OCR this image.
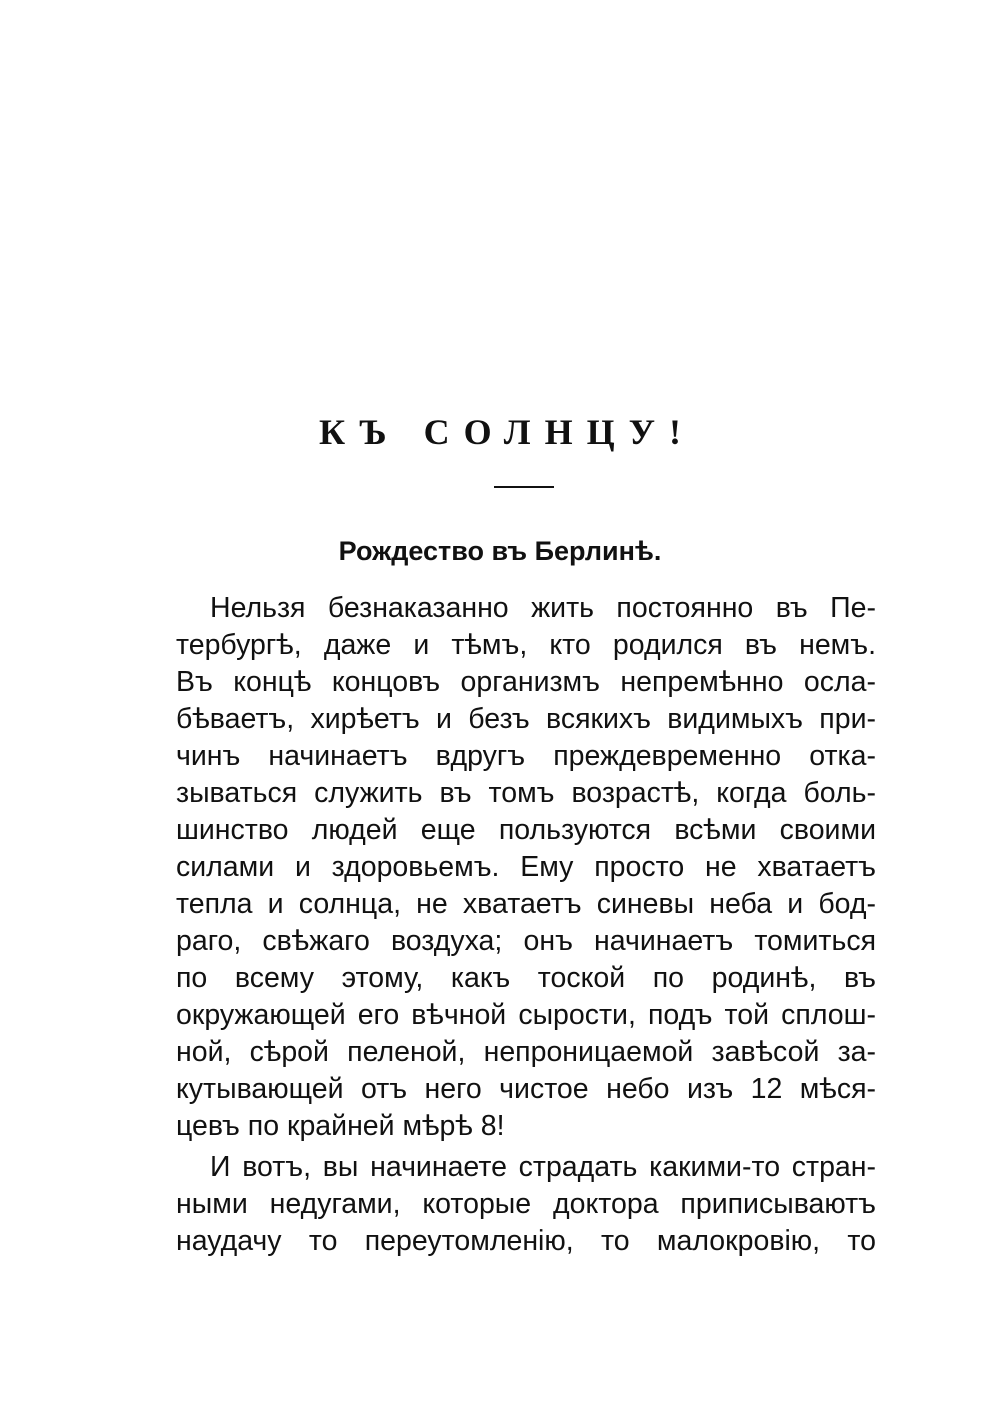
КЪ СОЛНЦУ!
Рождество въ Берлинѣ.
Нельзя безнаказанно жить постоянно въ Пе-
тербургѣ, даже и тѣмъ, кто родился въ немъ.
Въ концѣ концовъ организмъ непремѣнно осла-
бѣваетъ, хирѣетъ и безъ всякихъ видимыхъ при-
чинъ начинаетъ вдругъ преждевременно отка-
зываться служить въ томъ возрастѣ, когда боль-
шинство людей еще пользуются всѣми своими
силами и здоровьемъ. Ему просто не хватаетъ
тепла и солнца, не хватаетъ синевы неба и бод-
раго, свѣжаго воздуха; онъ начинаетъ томиться
по всему этому, какъ тоской по родинѣ, въ
окружающей его вѣчной сырости, подъ той сплош-
ной, сѣрой пеленой, непроницаемой завѣсой за-
кутывающей отъ него чистое небо изъ 12 мѣся-
цевъ по крайней мѣрѣ 8!
И вотъ, вы начинаете страдать какими-то стран-
ными недугами, которые доктора приписываютъ
наудачу то переутомленію, то малокровію, то
